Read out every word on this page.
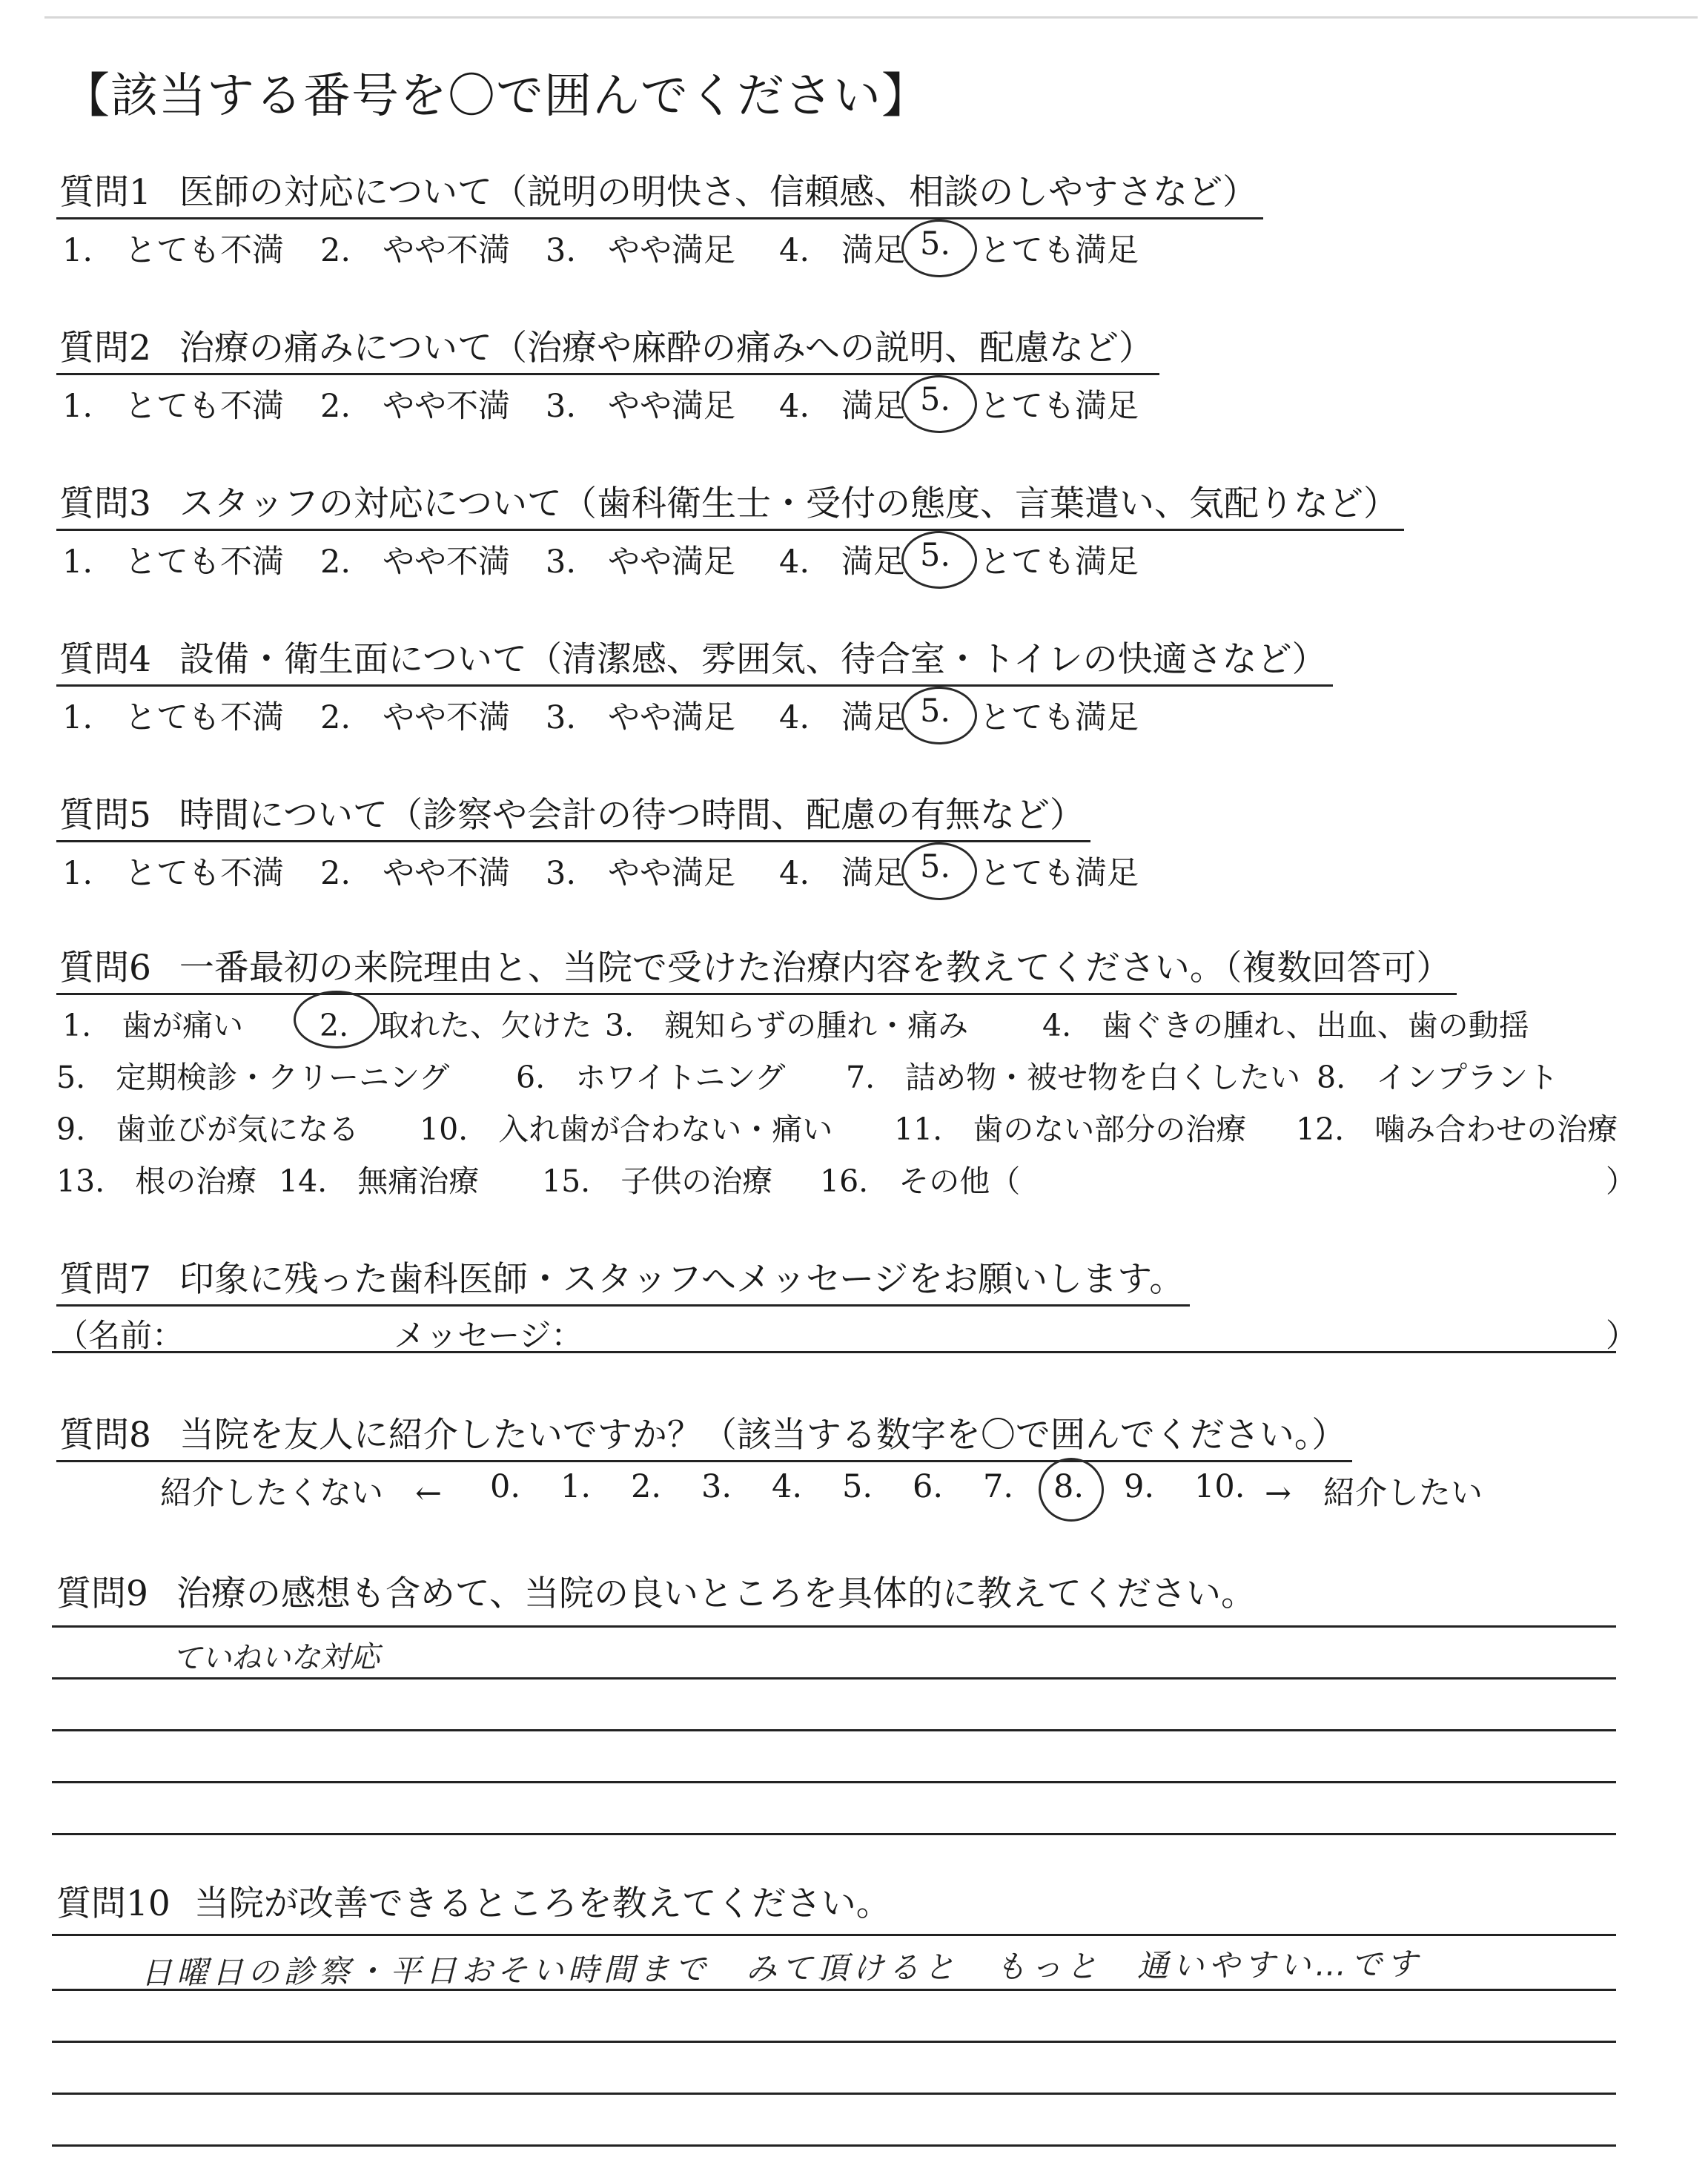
【該当する番号を〇で囲んでください】
質問1 医師の対応について（説明の明快さ、信頼感、相談のしやすさなど）
1.　とても不満 2.　やや不満 3.　やや満足 4.　満足 5. とても満足
質問2 治療の痛みについて（治療や麻酔の痛みへの説明、配慮など）
1.　とても不満 2.　やや不満 3.　やや満足 4.　満足 5. とても満足
質問3 スタッフの対応について（歯科衛生士・受付の態度、言葉遣い、気配りなど）
1.　とても不満 2.　やや不満 3.　やや満足 4.　満足 5. とても満足
質問4 設備・衛生面について（清潔感、雰囲気、待合室・トイレの快適さなど）
1.　とても不満 2.　やや不満 3.　やや満足 4.　満足 5. とても満足
質問5 時間について（診察や会計の待つ時間、配慮の有無など）
1.　とても不満 2.　やや不満 3.　やや満足 4.　満足 5. とても満足
質問6 一番最初の来院理由と、当院で受けた治療内容を教えてください。（複数回答可）
1.　歯が痛い	2.　取れた、欠けた 3.　親知らずの腫れ・痛み 4.　歯ぐきの腫れ、出血、歯の動揺
5.　定期検診・クリーニング 6.　ホワイトニング 7.　詰め物・被せ物を白くしたい 8.　インプラント
9.　歯並びが気になる 10.　入れ歯が合わない・痛い 11.　歯のない部分の治療 12.　噛み合わせの治療
13.　根の治療 14.　無痛治療 15.　子供の治療 16.　その他（	）
質問7 印象に残った歯科医師・スタッフへメッセージをお願いします。
（名前：	メッセージ：	）
質問8 当院を友人に紹介したいですか？（該当する数字を〇で囲んでください。）
紹介したくない　← 0. 1. 2. 3. 4. 5. 6. 7. 8. 9. 10. →　紹介したい
質問9 治療の感想も含めて、当院の良いところを具体的に教えてください。
ていねいな対応
質問10 当院が改善できるところを教えてください。
日曜日の診察・平日おそい時間まで　みて頂けると　もっと　通いやすい…です
